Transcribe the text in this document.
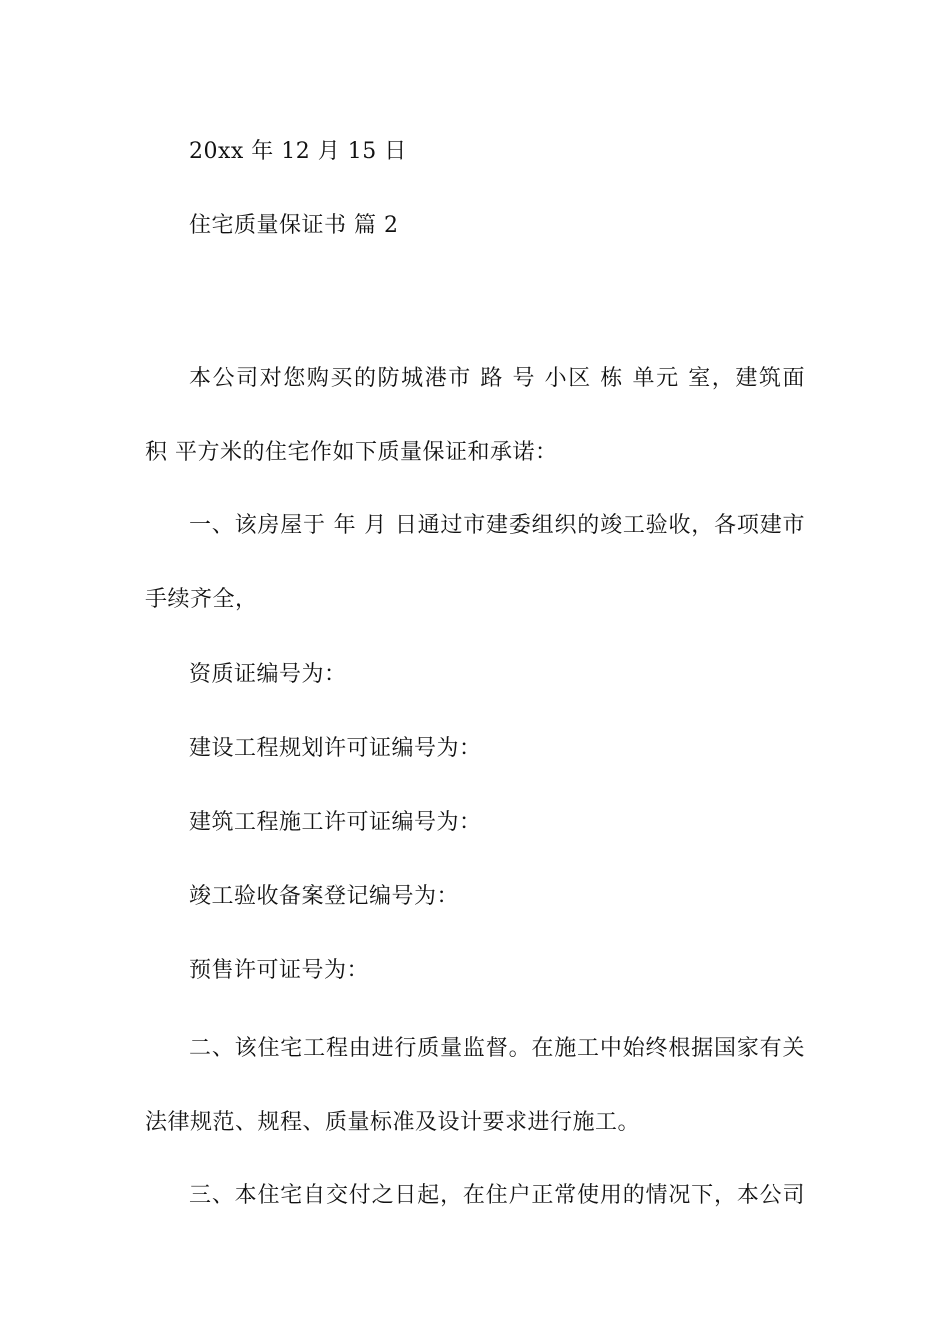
20xx 年 12 月 15 日
住宅质量保证书 篇 2
本公司对您购买的防城港市 路 号 小区 栋 单元 室，建筑面
积 平方米的住宅作如下质量保证和承诺：
一、该房屋于 年 月 日通过市建委组织的竣工验收，各项建市
手续齐全，
资质证编号为：
建设工程规划许可证编号为：
建筑工程施工许可证编号为：
竣工验收备案登记编号为：
预售许可证号为：
二、该住宅工程由进行质量监督。在施工中始终根据国家有关
法律规范、规程、质量标准及设计要求进行施工。
三、本住宅自交付之日起，在住户正常使用的情况下，本公司
